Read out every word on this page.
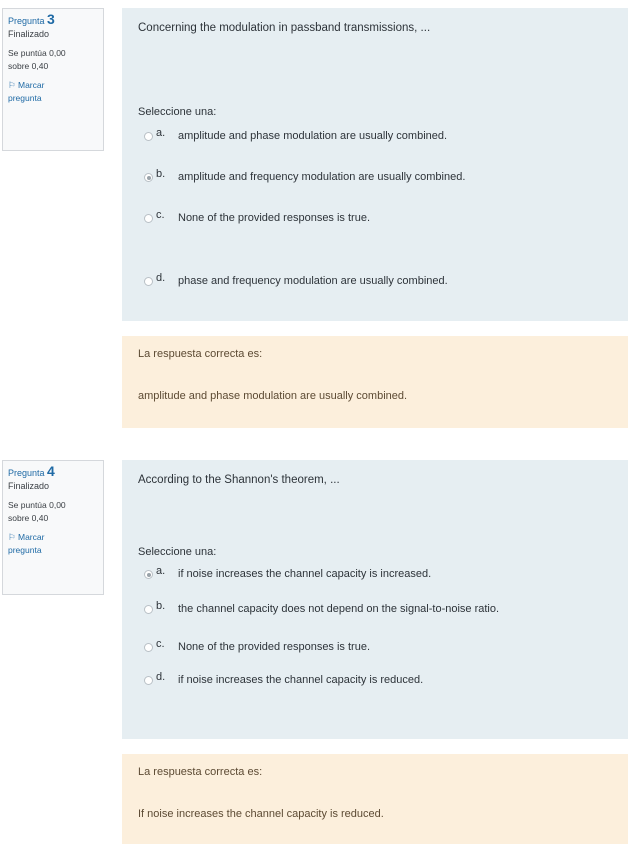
Pregunta 3
Finalizado
Se puntúa 0,00
sobre 0,40
⚐ Marcar
pregunta
Concerning the modulation in passband transmissions, ...
Seleccione una:
a.	amplitude and phase modulation are usually combined.
b.	amplitude and frequency modulation are usually combined.
c.	None of the provided responses is true.
d.	phase and frequency modulation are usually combined.
La respuesta correcta es:
amplitude and phase modulation are usually combined.
Pregunta 4
Finalizado
Se puntúa 0,00
sobre 0,40
⚐ Marcar
pregunta
According to the Shannon's theorem, ...
Seleccione una:
a.	if noise increases the channel capacity is increased.
b.	the channel capacity does not depend on the signal-to-noise ratio.
c.	None of the provided responses is true.
d.	if noise increases the channel capacity is reduced.
La respuesta correcta es:
If noise increases the channel capacity is reduced.
